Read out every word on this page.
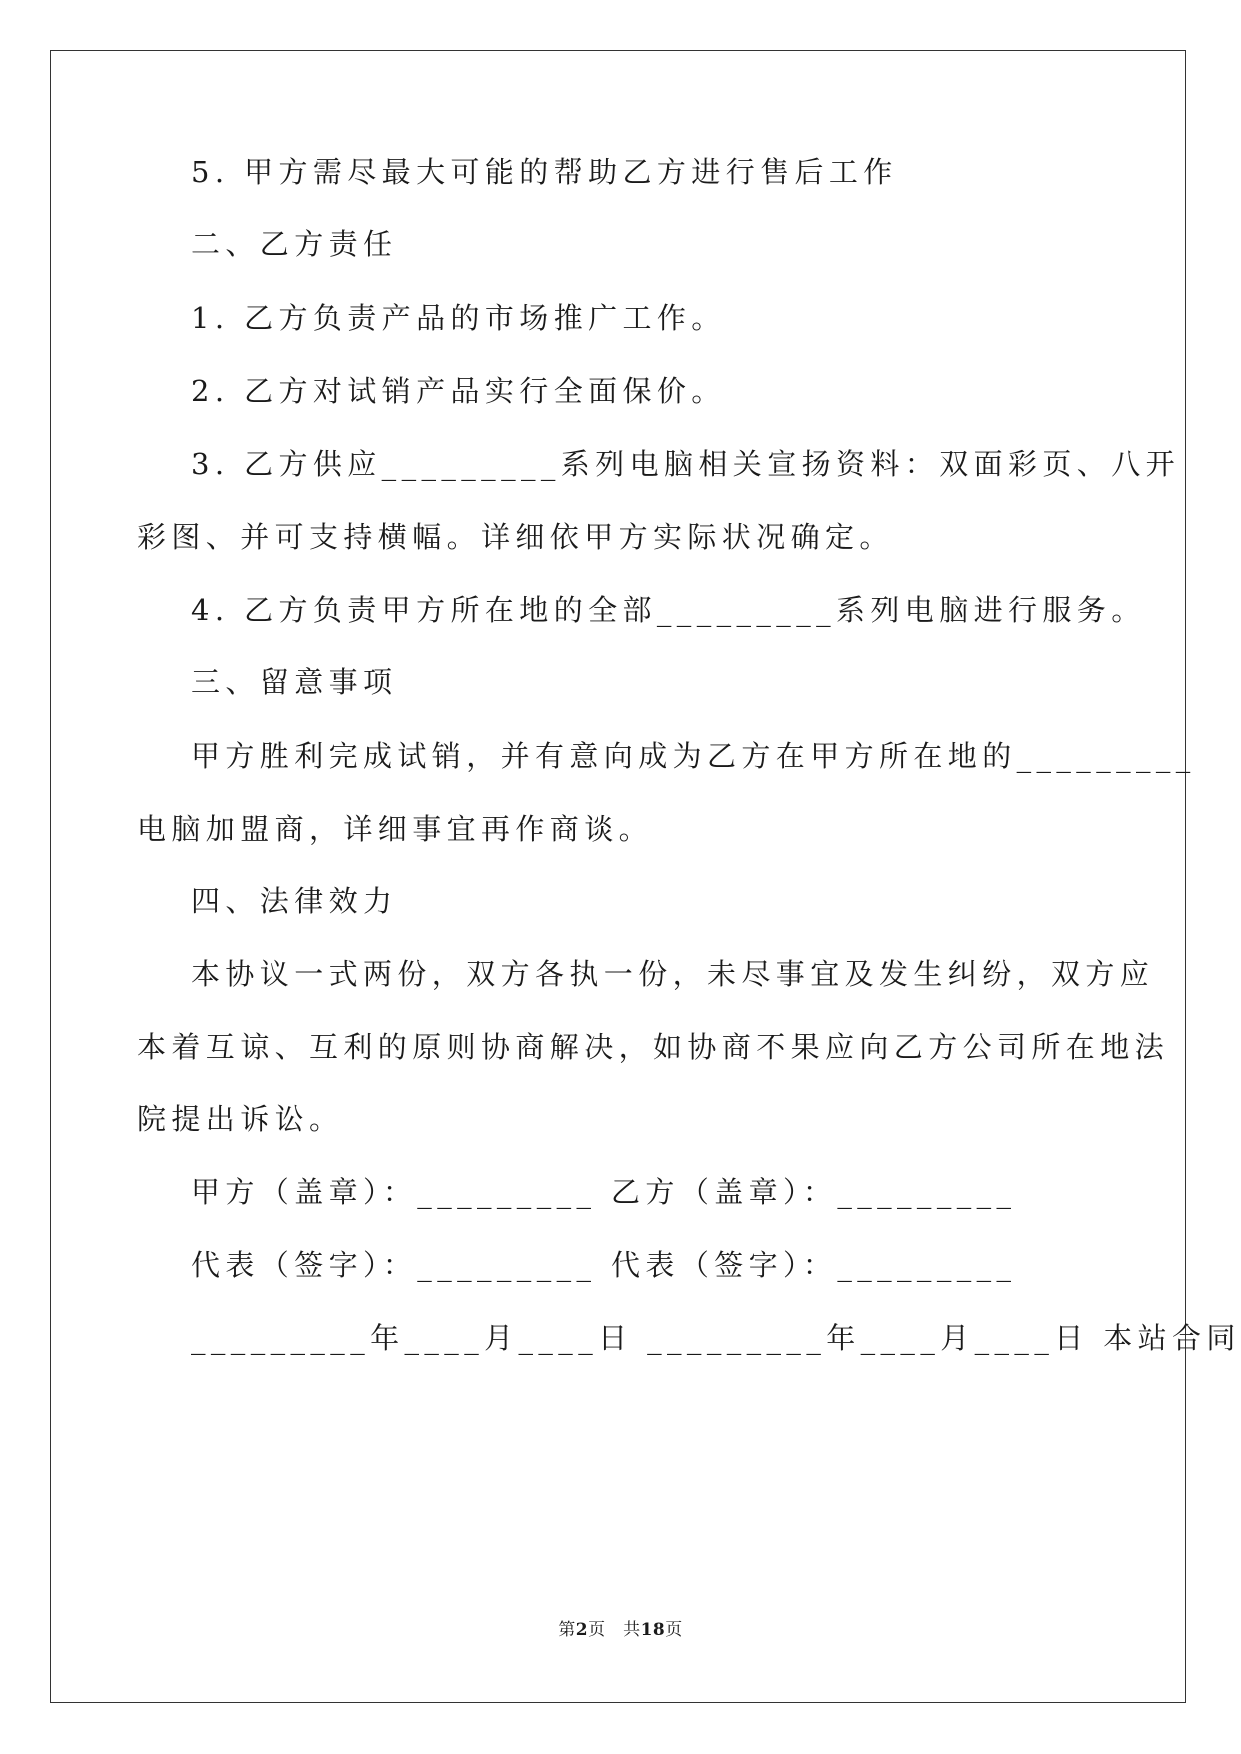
5. 甲方需尽最大可能的帮助乙方进行售后工作
二、乙方责任
1. 乙方负责产品的市场推广工作。
2. 乙方对试销产品实行全面保价。
3. 乙方供应_________系列电脑相关宣扬资料：双面彩页、八开
彩图、并可支持横幅。详细依甲方实际状况确定。
4. 乙方负责甲方所在地的全部_________系列电脑进行服务。
三、留意事项
甲方胜利完成试销，并有意向成为乙方在甲方所在地的_________
电脑加盟商，详细事宜再作商谈。
四、法律效力
本协议一式两份，双方各执一份，未尽事宜及发生纠纷，双方应
本着互谅、互利的原则协商解决，如协商不果应向乙方公司所在地法
院提出诉讼。
甲方（盖章）：_________ 乙方（盖章）：_________
代表（签字）：_________ 代表（签字）：_________
_________年____月____日 _________年____月____日 本站合同
第2页　共18页
